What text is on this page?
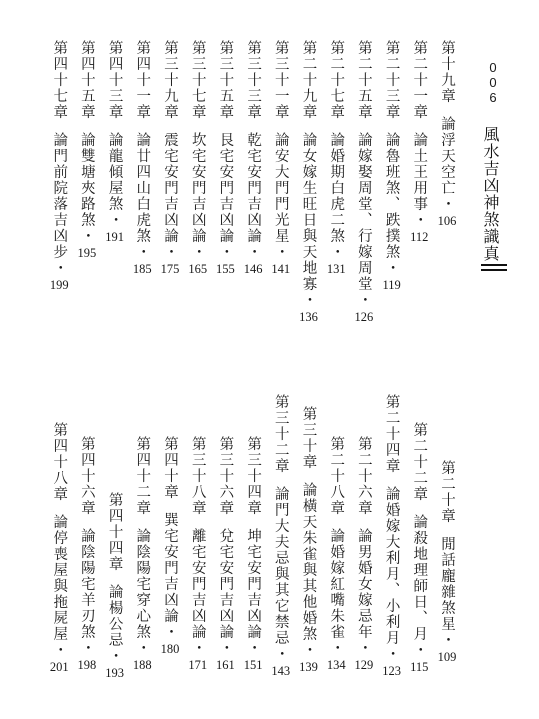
0
0
6
風水吉凶神煞識真
第十九章論浮天空亡・
106
第二十一章論土王用事・
112
第二十三章論魯班煞、跌撲煞・
119
第二十五章論嫁娶周堂、行嫁周堂・
126
第二十七章論婚期白虎二煞・
131
第二十九章論女嫁生旺日與天地寡・
136
第三十一章論安大門門光星・
141
第三十三章乾宅安門吉凶論・
146
第三十五章艮宅安門吉凶論・
155
第三十七章坎宅安門吉凶論・
165
第三十九章震宅安門吉凶論・
175
第四十一章論廿四山白虎煞・
185
第四十三章論龍傾屋煞・
191
第四十五章論雙塘夾路煞・
195
第四十七章論門前院落吉凶步・
199
第二十章閒話龐雜煞星・
109
第二十二章論殺地理師日、月・
115
第二十四章論婚嫁大利月、小利月・
123
第二十六章論男婚女嫁忌年・
129
第二十八章論婚嫁紅嘴朱雀・
134
第三十章論橫天朱雀與其他婚煞・
139
第三十二章論門大夫忌與其它禁忌・
143
第三十四章坤宅安門吉凶論・
151
第三十六章兌宅安門吉凶論・
161
第三十八章離宅安門吉凶論・
171
第四十章巽宅安門吉凶論・
180
第四十二章論陰陽宅穿心煞・
188
第四十四章論楊公忌・
193
第四十六章論陰陽宅羊刃煞・
198
第四十八章論停喪屋與拖屍屋・
201
